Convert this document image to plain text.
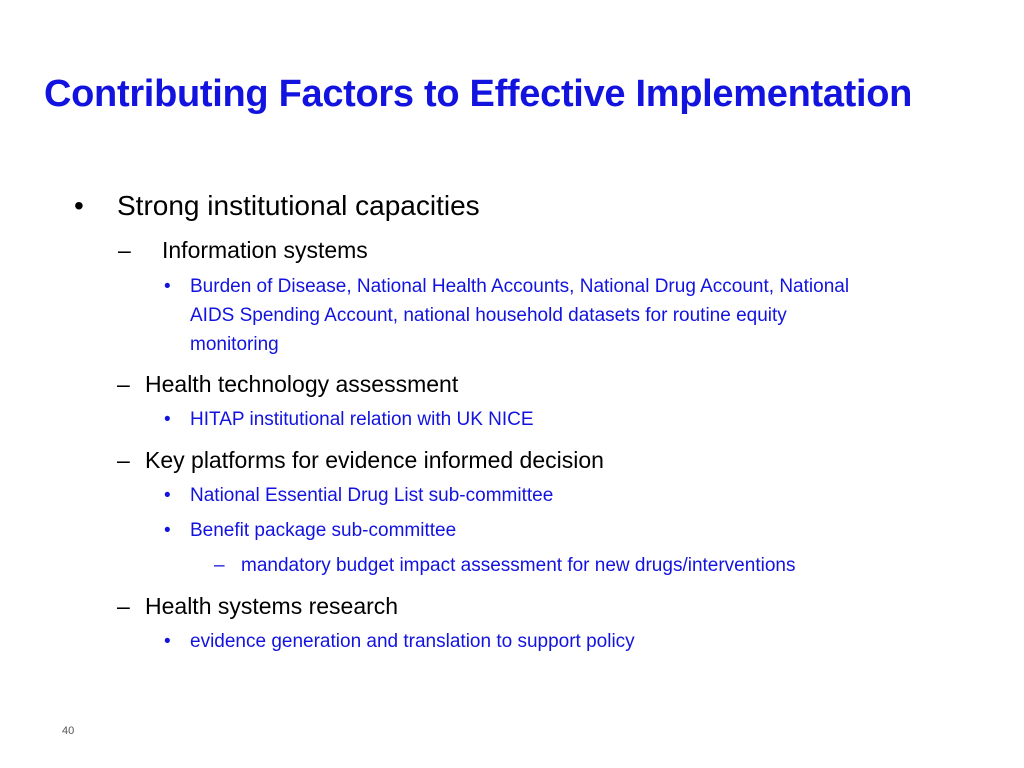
Contributing Factors to Effective Implementation
• Strong institutional capacities
– Information systems
• Burden of Disease, National Health Accounts, National Drug Account, National
AIDS Spending Account, national household datasets for routine equity
monitoring
– Health technology assessment
• HITAP institutional relation with UK NICE
– Key platforms for evidence informed decision
• National Essential Drug List sub-committee
• Benefit package sub-committee
– mandatory budget impact assessment for new drugs/interventions
– Health systems research
• evidence generation and translation to support policy
40
